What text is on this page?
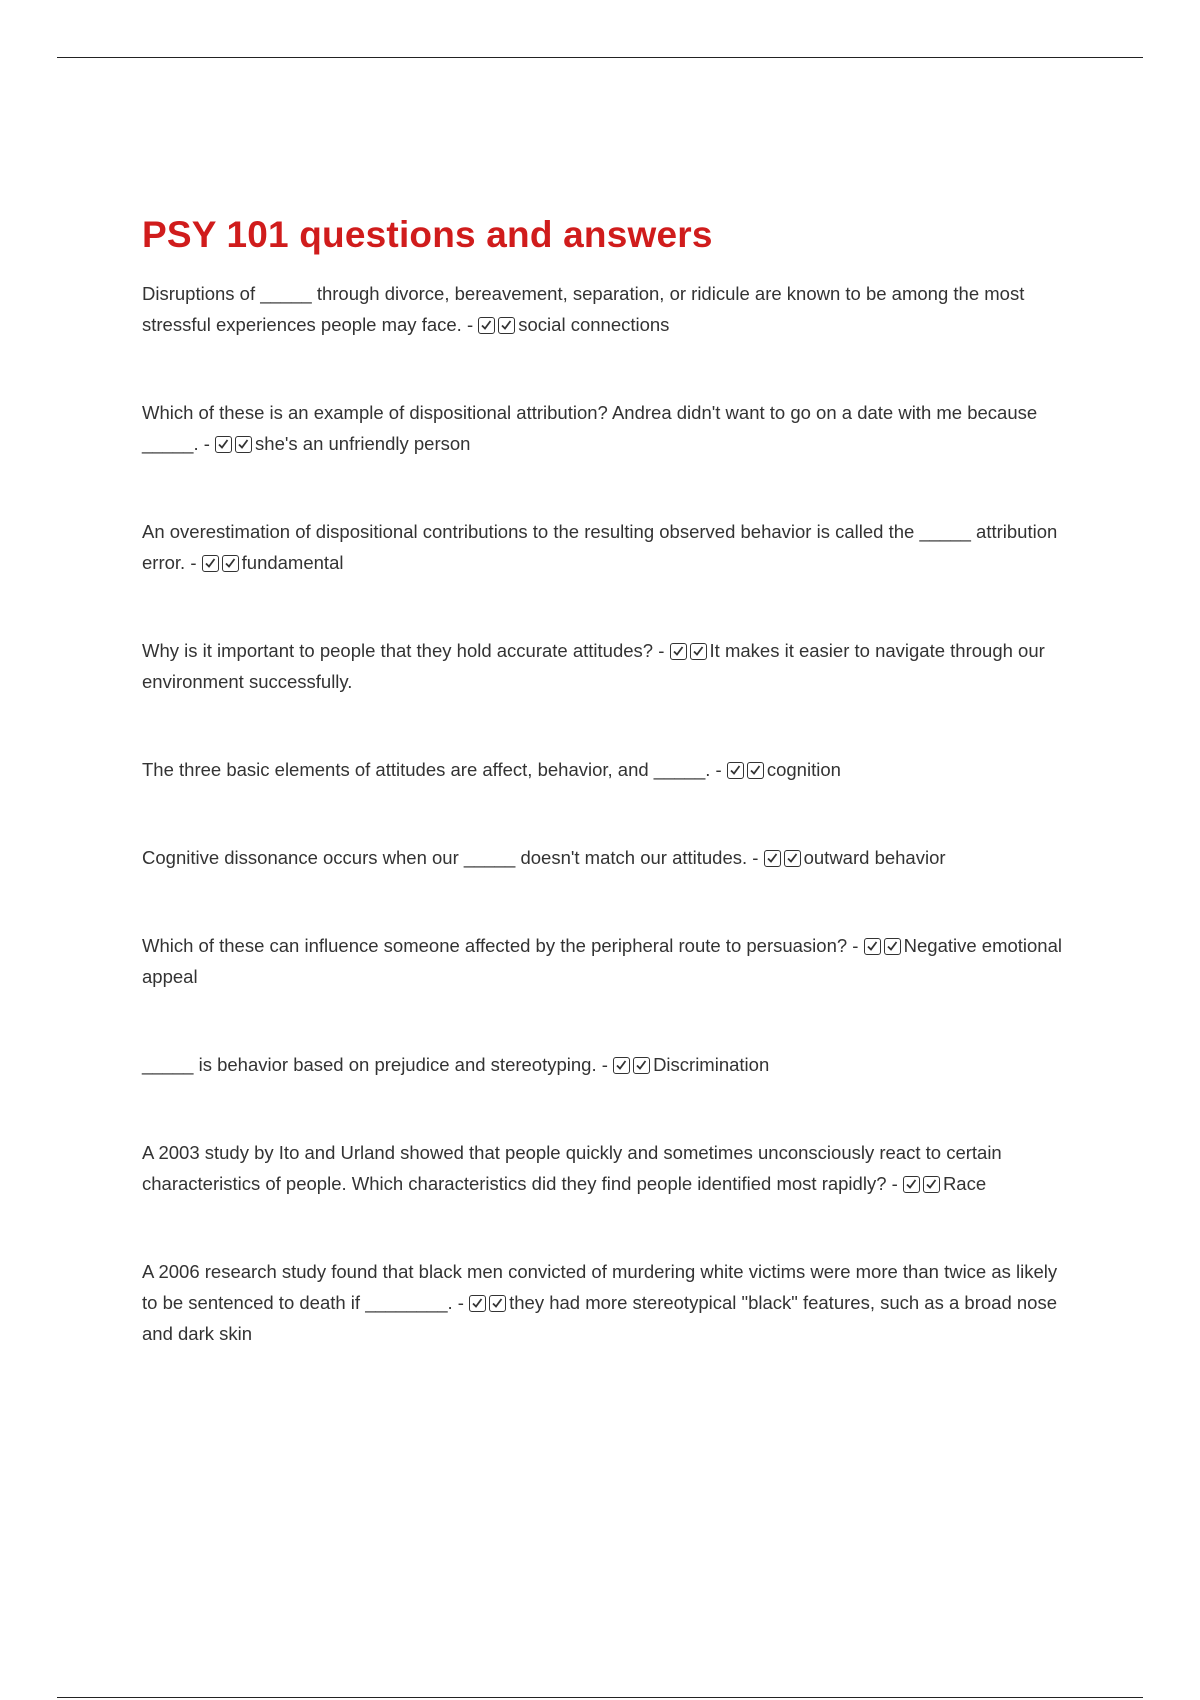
PSY 101 questions and answers

Disruptions of _____ through divorce, bereavement, separation, or ridicule are known to be among the most stressful experiences people may face. -
social connections

Which of these is an example of dispositional attribution? Andrea didn't want to go on a date with me because _____. -
she's an unfriendly person

An overestimation of dispositional contributions to the resulting observed behavior is called the _____ attribution error. -
fundamental

Why is it important to people that they hold accurate attitudes? -
It makes it easier to navigate through our environment successfully.

The three basic elements of attitudes are affect, behavior, and _____. -
cognition

Cognitive dissonance occurs when our _____ doesn't match our attitudes. -
outward behavior

Which of these can influence someone affected by the peripheral route to persuasion? -
Negative emotional appeal

_____ is behavior based on prejudice and stereotyping. -
Discrimination

A 2003 study by Ito and Urland showed that people quickly and sometimes unconsciously react to certain characteristics of people. Which characteristics did they find people identified most rapidly? -
Race

A 2006 research study found that black men convicted of murdering white victims were more than twice as likely to be sentenced to death if ________. -
they had more stereotypical "black" features, such as a broad nose and dark skin
